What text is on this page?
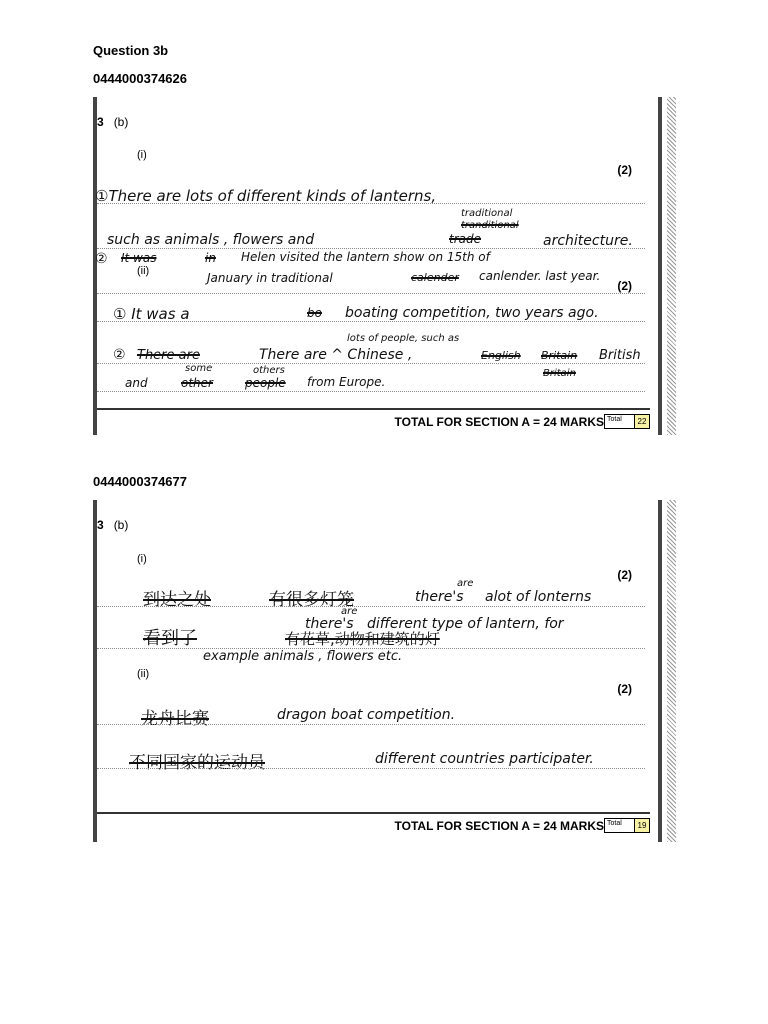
Question 3b
0444000374626
3 (b)
(i)
(2)
①There are lots of different kinds of lanterns,
traditional
tranditional
such as animals , flowers and	trade	architecture.
② It was	in Helen visited the lantern show on 15th of
(ii)	January in traditional	calender canlender. last year.
(2)
① It was a	bo boating competition, two years ago.
lots of people, such as
② There are	There are ^ Chinese ,	English Britain British
Britain
some	others
and	other	people from Europe.
TOTAL FOR SECTION A = 24 MARKS Total	22
0444000374677
3 (b)
(i)
(2)
到达之处	有很多灯笼
are
there's alot of lonterns
are
there's different type of lantern, for
看到了	有花草,动物和建筑的灯
example animals , flowers etc.
(ii)
(2)
龙舟比赛	dragon boat competition.
不同国家的运动员	different countries participater.
TOTAL FOR SECTION A = 24 MARKS Total	19
